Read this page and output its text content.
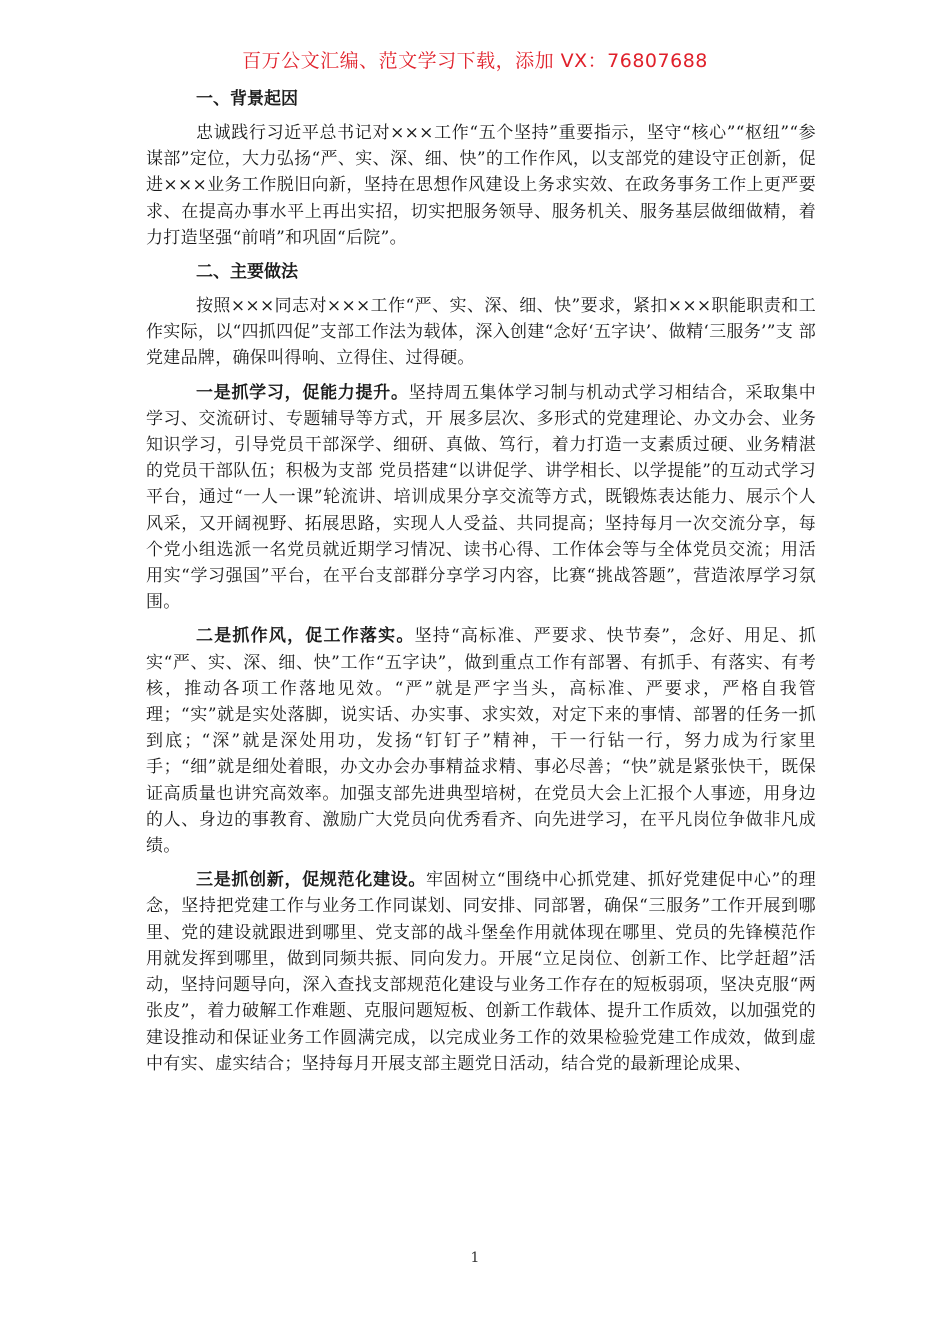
百万公文汇编、范文学习下载，添加 VX：76807688
一、背景起因

忠诚践行习近平总书记对×××工作“五个坚持”重要指示，坚守“核心”“枢纽”“参谋部”定位，大力弘扬“严、实、深、细、快”的工作作风，以支部党的建设守正创新，促进×××业务工作脱旧向新，坚持在思想作风建设上务求实效、在政务事务工作上更严要求、在提高办事水平上再出实招，切实把服务领导、服务机关、服务基层做细做精，着力打造坚强“前哨”和巩固“后院”。

二、主要做法

按照×××同志对×××工作“严、实、深、细、快”要求，紧扣×××职能职责和工作实际，以“四抓四促”支部工作法为载体，深入创建“念好‘五字诀’、做精‘三服务’”支 部党建品牌，确保叫得响、立得住、过得硬。

一是抓学习，促能力提升。坚持周五集体学习制与机动式学习相结合，采取集中学习、交流研讨、专题辅导等方式，开 展多层次、多形式的党建理论、办文办会、业务知识学习，引导党员干部深学、细研、真做、笃行，着力打造一支素质过硬、业务精湛的党员干部队伍；积极为支部 党员搭建“以讲促学、讲学相长、以学提能”的互动式学习平台，通过“一人一课”轮流讲、培训成果分享交流等方式，既锻炼表达能力、展示个人风采，又开阔视野、拓展思路，实现人人受益、共同提高；坚持每月一次交流分享，每个党小组选派一名党员就近期学习情况、读书心得、工作体会等与全体党员交流；用活用实“学习强国”平台，在平台支部群分享学习内容，比赛“挑战答题”，营造浓厚学习氛围。

二是抓作风，促工作落实。坚持“高标准、严要求、快节奏”，念好、用足、抓实“严、实、深、细、快”工作“五字诀”，做到重点工作有部署、有抓手、有落实、有考核，推动各项工作落地见效。“严”就是严字当头，高标准、严要求，严格自我管理；“实”就是实处落脚，说实话、办实事、求实效，对定下来的事情、部署的任务一抓到底；“深”就是深处用功，发扬“钉钉子”精神，干一行钻一行，努力成为行家里手；“细”就是细处着眼，办文办会办事精益求精、事必尽善；“快”就是紧张快干，既保证高质量也讲究高效率。加强支部先进典型培树，在党员大会上汇报个人事迹，用身边的人、身边的事教育、激励广大党员向优秀看齐、向先进学习，在平凡岗位争做非凡成绩。

三是抓创新，促规范化建设。牢固树立“围绕中心抓党建、抓好党建促中心”的理念，坚持把党建工作与业务工作同谋划、同安排、同部署，确保“三服务”工作开展到哪里、党的建设就跟进到哪里、党支部的战斗堡垒作用就体现在哪里、党员的先锋模范作用就发挥到哪里，做到同频共振、同向发力。开展“立足岗位、创新工作、比学赶超”活动，坚持问题导向，深入查找支部规范化建设与业务工作存在的短板弱项，坚决克服“两张皮”，着力破解工作难题、克服问题短板、创新工作载体、提升工作质效，以加强党的建设推动和保证业务工作圆满完成，以完成业务工作的效果检验党建工作成效，做到虚中有实、虚实结合；坚持每月开展支部主题党日活动，结合党的最新理论成果、

1
